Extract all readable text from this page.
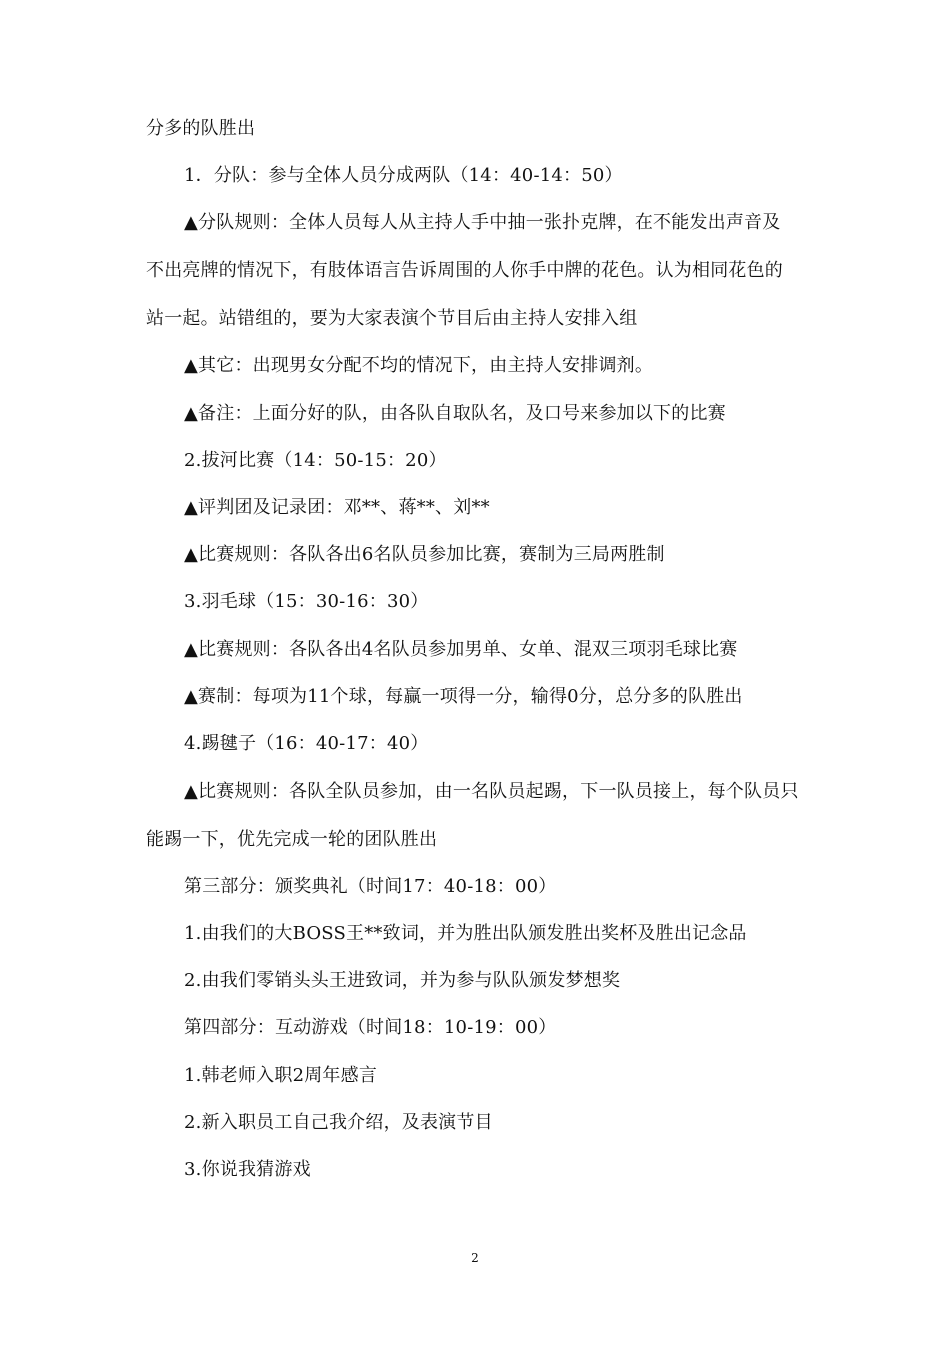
分多的队胜出
1．分队：参与全体人员分成两队（14：40-14：50）
▲分队规则：全体人员每人从主持人手中抽一张扑克牌，在不能发出声音及
不出亮牌的情况下，有肢体语言告诉周围的人你手中牌的花色。认为相同花色的
站一起。站错组的，要为大家表演个节目后由主持人安排入组
▲其它：出现男女分配不均的情况下，由主持人安排调剂。
▲备注：上面分好的队，由各队自取队名，及口号来参加以下的比赛
2.拔河比赛（14：50-15：20）
▲评判团及记录团：邓**、蒋**、刘**
▲比赛规则：各队各出6名队员参加比赛，赛制为三局两胜制
3.羽毛球（15：30-16：30）
▲比赛规则：各队各出4名队员参加男单、女单、混双三项羽毛球比赛
▲赛制：每项为11个球，每赢一项得一分，输得0分，总分多的队胜出
4.踢毽子（16：40-17：40）
▲比赛规则：各队全队员参加，由一名队员起踢，下一队员接上，每个队员只
能踢一下，优先完成一轮的团队胜出
第三部分：颁奖典礼（时间17：40-18：00）
1.由我们的大BOSS王**致词，并为胜出队颁发胜出奖杯及胜出记念品
2.由我们零销头头王进致词，并为参与队队颁发梦想奖
第四部分：互动游戏（时间18：10-19：00）
1.韩老师入职2周年感言
2.新入职员工自己我介绍，及表演节目
3.你说我猜游戏
2
